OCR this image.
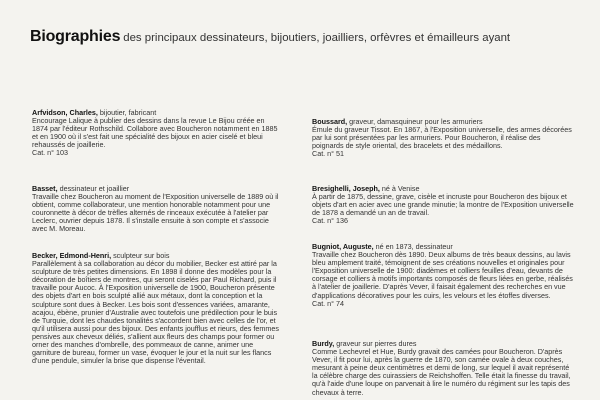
Biographies des principaux dessinateurs, bijoutiers, joailliers, orfèvres et émailleurs ayant

Arfvidson, Charles, bijoutier, fabricant

Encourage Lalique à publier des dessins dans la revue Le Bijou créée en 1874 par l'éditeur Rothschild. Collabore avec Boucheron notamment en 1885 et en 1900 où il s'est fait une spécialité des bijoux en acier ciselé et bleui rehaussés de joaillerie.

Cat. n° 103

Basset, dessinateur et joaillier

Travaille chez Boucheron au moment de l'Exposition universelle de 1889 où il obtient, comme collaborateur, une mention honorable notamment pour une couronnette à décor de trèfles alternés de rinceaux exécutée à l'atelier par Leclerc, ouvrier depuis 1878. Il s'installe ensuite à son compte et s'associe avec M. Moreau.

Becker, Edmond-Henri, sculpteur sur bois

Parallèlement à sa collaboration au décor du mobilier, Becker est attiré par la sculpture de très petites dimensions. En 1898 il donne des modèles pour la décoration de boîtiers de montres, qui seront ciselés par Paul Richard, puis il travaille pour Aucoc. À l'Exposition universelle de 1900, Boucheron présente des objets d'art en bois sculpté allié aux métaux, dont la conception et la sculpture sont dues à Becker. Les bois sont d'essences variées, amarante, acajou, ébène, prunier d'Australie avec toutefois une prédilection pour le buis de Turquie, dont les chaudes tonalités s'accordent bien avec celles de l'or, et qu'il utilisera aussi pour des bijoux. Des enfants joufflus et rieurs, des femmes pensives aux cheveux déliés, s'allient aux fleurs des champs pour former ou orner des manches d'ombrelle, des pommeaux de canne, animer une garniture de bureau, former un vase, évoquer le jour et la nuit sur les flancs d'une pendule, simuler la brise que dispense l'éventail.

Boussard, graveur, damasquineur pour les armuriers

Émule du graveur Tissot. En 1867, à l'Exposition universelle, des armes décorées par lui sont présentées par les armuriers. Pour Boucheron, il réalise des poignards de style oriental, des bracelets et des médaillons.

Cat. n° 51

Bresighelli, Joseph, né à Venise

À partir de 1875, dessine, grave, cisèle et incruste pour Boucheron des bijoux et objets d'art en acier avec une grande minutie; la montre de l'Exposition universelle de 1878 a demandé un an de travail.

Cat. n° 136

Bugniot, Auguste, né en 1873, dessinateur

Travaille chez Boucheron dès 1890. Deux albums de très beaux dessins, au lavis bleu amplement traité, témoignent de ses créations nouvelles et originales pour l'Exposition universelle de 1900: diadèmes et colliers feuilles d'eau, devants de corsage et colliers à motifs importants composés de fleurs liées en gerbe, réalisés à l'atelier de joaillerie. D'après Vever, il faisait également des recherches en vue d'applications décoratives pour les cuirs, les velours et les étoffes diverses.

Cat. n° 74

Burdy, graveur sur pierres dures

Comme Lechevrel et Hue, Burdy gravait des camées pour Boucheron. D'après Vever, il fit pour lui, après la guerre de 1870, son camée ovale à deux couches, mesurant à peine deux centimètres et demi de long, sur lequel il avait représenté la célèbre charge des cuirassiers de Reichshoffen. Telle était la finesse du travail, qu'à l'aide d'une loupe on parvenait à lire le numéro du régiment sur les tapis des chevaux à terre.
